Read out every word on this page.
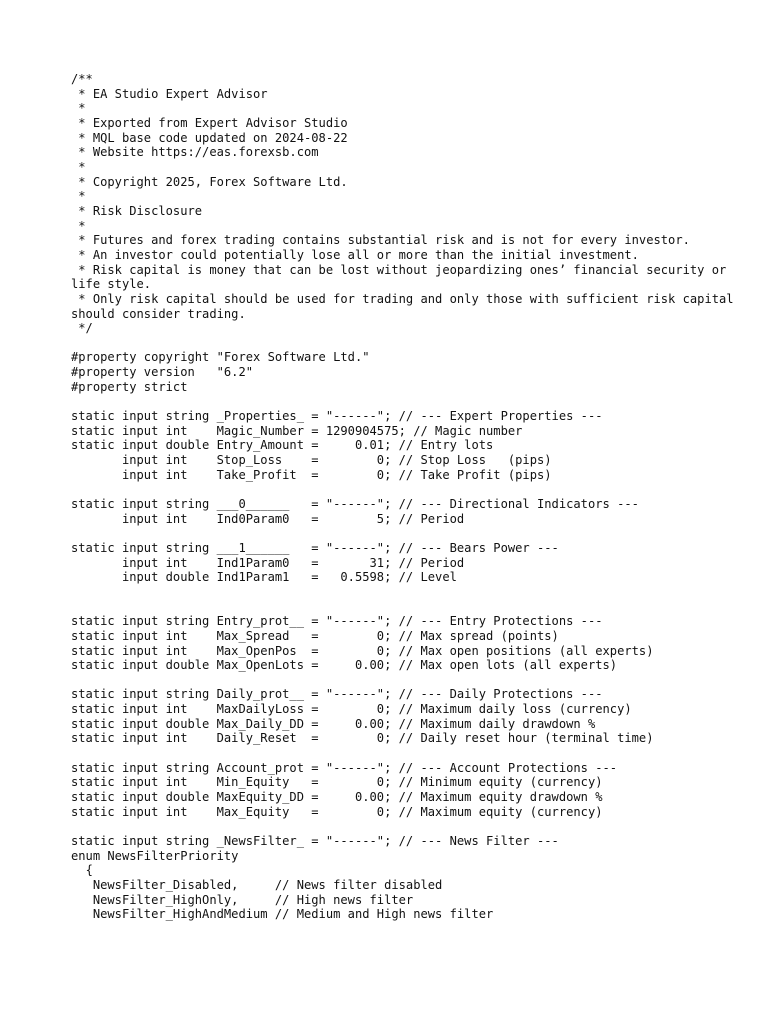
/**
* EA Studio Expert Advisor
*
* Exported from Expert Advisor Studio
* MQL base code updated on 2024-08-22
* Website https://eas.forexsb.com
*
* Copyright 2025, Forex Software Ltd.
*
* Risk Disclosure
*
* Futures and forex trading contains substantial risk and is not for every investor.
* An investor could potentially lose all or more than the initial investment.
* Risk capital is money that can be lost without jeopardizing ones’ financial security or life style.
* Only risk capital should be used for trading and only those with sufficient risk capital should consider trading.
*/
#property copyright "Forex Software Ltd."
#property version   "6.2"
#property strict
static input string _Properties_ = "------"; // --- Expert Properties ---
static input int    Magic_Number = 1290904575; // Magic number
static input double Entry_Amount =     0.01; // Entry lots
input int    Stop_Loss    =        0; // Stop Loss   (pips)
input int    Take_Profit  =        0; // Take Profit (pips)
static input string ___0______   = "------"; // --- Directional Indicators ---
input int    Ind0Param0   =        5; // Period
static input string ___1______   = "------"; // --- Bears Power ---
input int    Ind1Param0   =       31; // Period
input double Ind1Param1   =   0.5598; // Level
static input string Entry_prot__ = "------"; // --- Entry Protections ---
static input int    Max_Spread   =        0; // Max spread (points)
static input int    Max_OpenPos  =        0; // Max open positions (all experts)
static input double Max_OpenLots =     0.00; // Max open lots (all experts)
static input string Daily_prot__ = "------"; // --- Daily Protections ---
static input int    MaxDailyLoss =        0; // Maximum daily loss (currency)
static input double Max_Daily_DD =     0.00; // Maximum daily drawdown %
static input int    Daily_Reset  =        0; // Daily reset hour (terminal time)
static input string Account_prot = "------"; // --- Account Protections ---
static input int    Min_Equity   =        0; // Minimum equity (currency)
static input double MaxEquity_DD =     0.00; // Maximum equity drawdown %
static input int    Max_Equity   =        0; // Maximum equity (currency)
static input string _NewsFilter_ = "------"; // --- News Filter ---
enum NewsFilterPriority
{
NewsFilter_Disabled,     // News filter disabled
NewsFilter_HighOnly,     // High news filter
NewsFilter_HighAndMedium // Medium and High news filter
